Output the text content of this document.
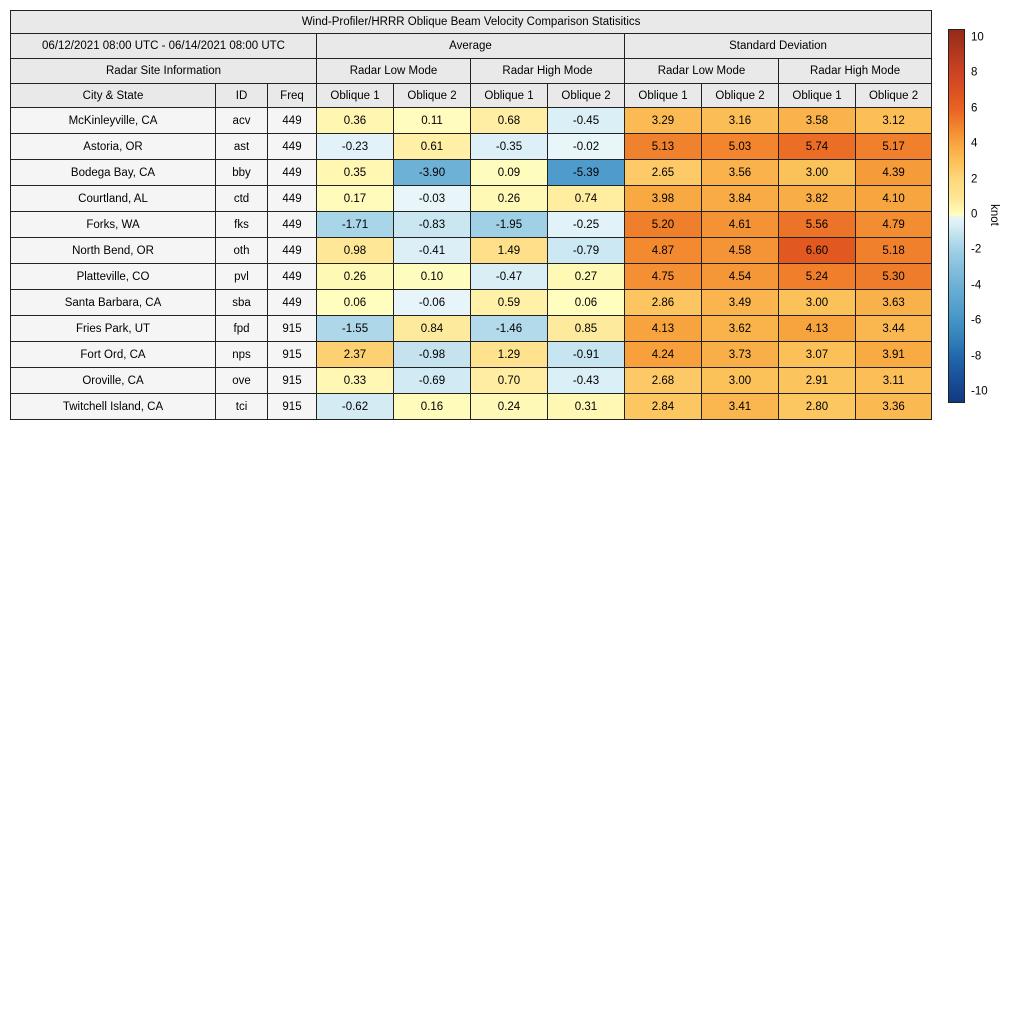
Wind-Profiler/HRRR Oblique Beam Velocity Comparison Statisitics										
06/12/2021 08:00 UTC - 06/14/2021 08:00 UTC			Average				Standard Deviation			
Radar Site Information			Radar Low Mode		Radar High Mode		Radar Low Mode		Radar High Mode	
City & State	ID	Freq	Oblique 1	Oblique 2	Oblique 1	Oblique 2	Oblique 1	Oblique 2	Oblique 1	Oblique 2
McKinleyville, CA	acv	449	0.36	0.11	0.68	-0.45	3.29	3.16	3.58	3.12
Astoria, OR	ast	449	-0.23	0.61	-0.35	-0.02	5.13	5.03	5.74	5.17
Bodega Bay, CA	bby	449	0.35	-3.90	0.09	-5.39	2.65	3.56	3.00	4.39
Courtland, AL	ctd	449	0.17	-0.03	0.26	0.74	3.98	3.84	3.82	4.10
Forks, WA	fks	449	-1.71	-0.83	-1.95	-0.25	5.20	4.61	5.56	4.79
North Bend, OR	oth	449	0.98	-0.41	1.49	-0.79	4.87	4.58	6.60	5.18
Platteville, CO	pvl	449	0.26	0.10	-0.47	0.27	4.75	4.54	5.24	5.30
Santa Barbara, CA	sba	449	0.06	-0.06	0.59	0.06	2.86	3.49	3.00	3.63
Fries Park, UT	fpd	915	-1.55	0.84	-1.46	0.85	4.13	3.62	4.13	3.44
Fort Ord, CA	nps	915	2.37	-0.98	1.29	-0.91	4.24	3.73	3.07	3.91
Oroville, CA	ove	915	0.33	-0.69	0.70	-0.43	2.68	3.00	2.91	3.11
Twitchell Island, CA	tci	915	-0.62	0.16	0.24	0.31	2.84	3.41	2.80	3.36
10
8
6
4
2
0
-2
-4
-6
-8
-10
knot
